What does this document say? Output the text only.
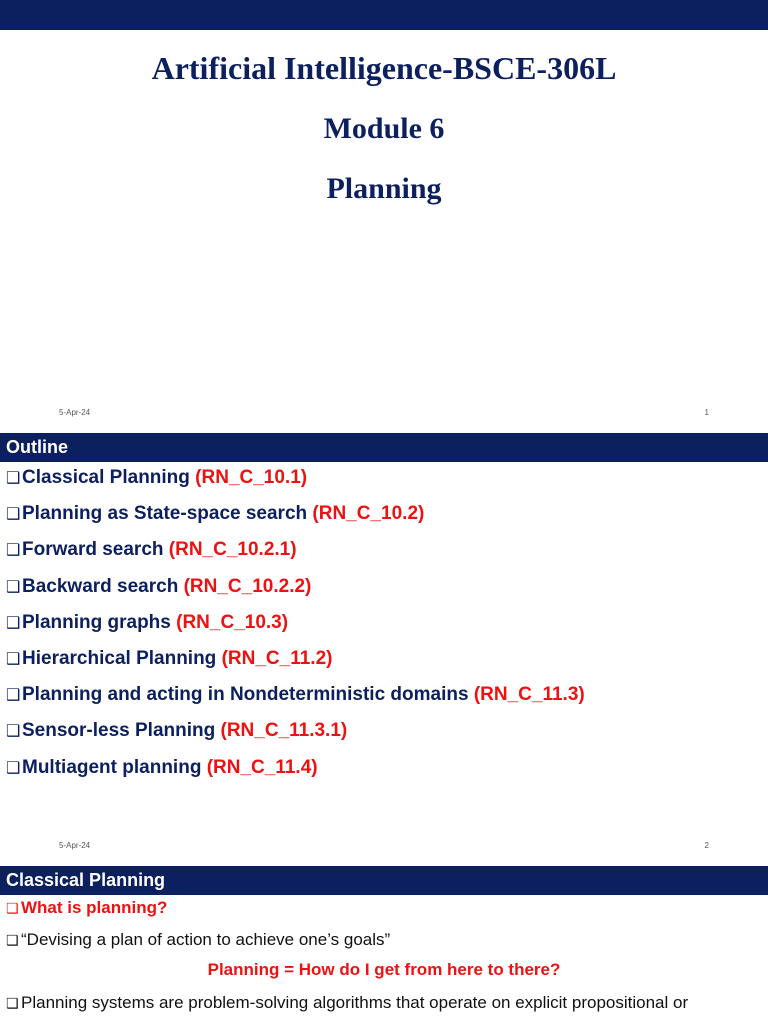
Artificial Intelligence-BSCE-306L
Module 6
Planning
5-Apr-24	1
Outline
❑Classical Planning (RN_C_10.1)
❑Planning as State-space search (RN_C_10.2)
❑Forward search (RN_C_10.2.1)
❑Backward search (RN_C_10.2.2)
❑Planning graphs (RN_C_10.3)
❑Hierarchical Planning (RN_C_11.2)
❑Planning and acting in Nondeterministic domains (RN_C_11.3)
❑Sensor-less Planning (RN_C_11.3.1)
❑Multiagent planning (RN_C_11.4)
5-Apr-24	2
Classical Planning
❑ What is planning?
❑ “Devising a plan of action to achieve one’s goals”
Planning = How do I get from here to there?
❑ Planning systems are problem-solving algorithms that operate on explicit propositional or
